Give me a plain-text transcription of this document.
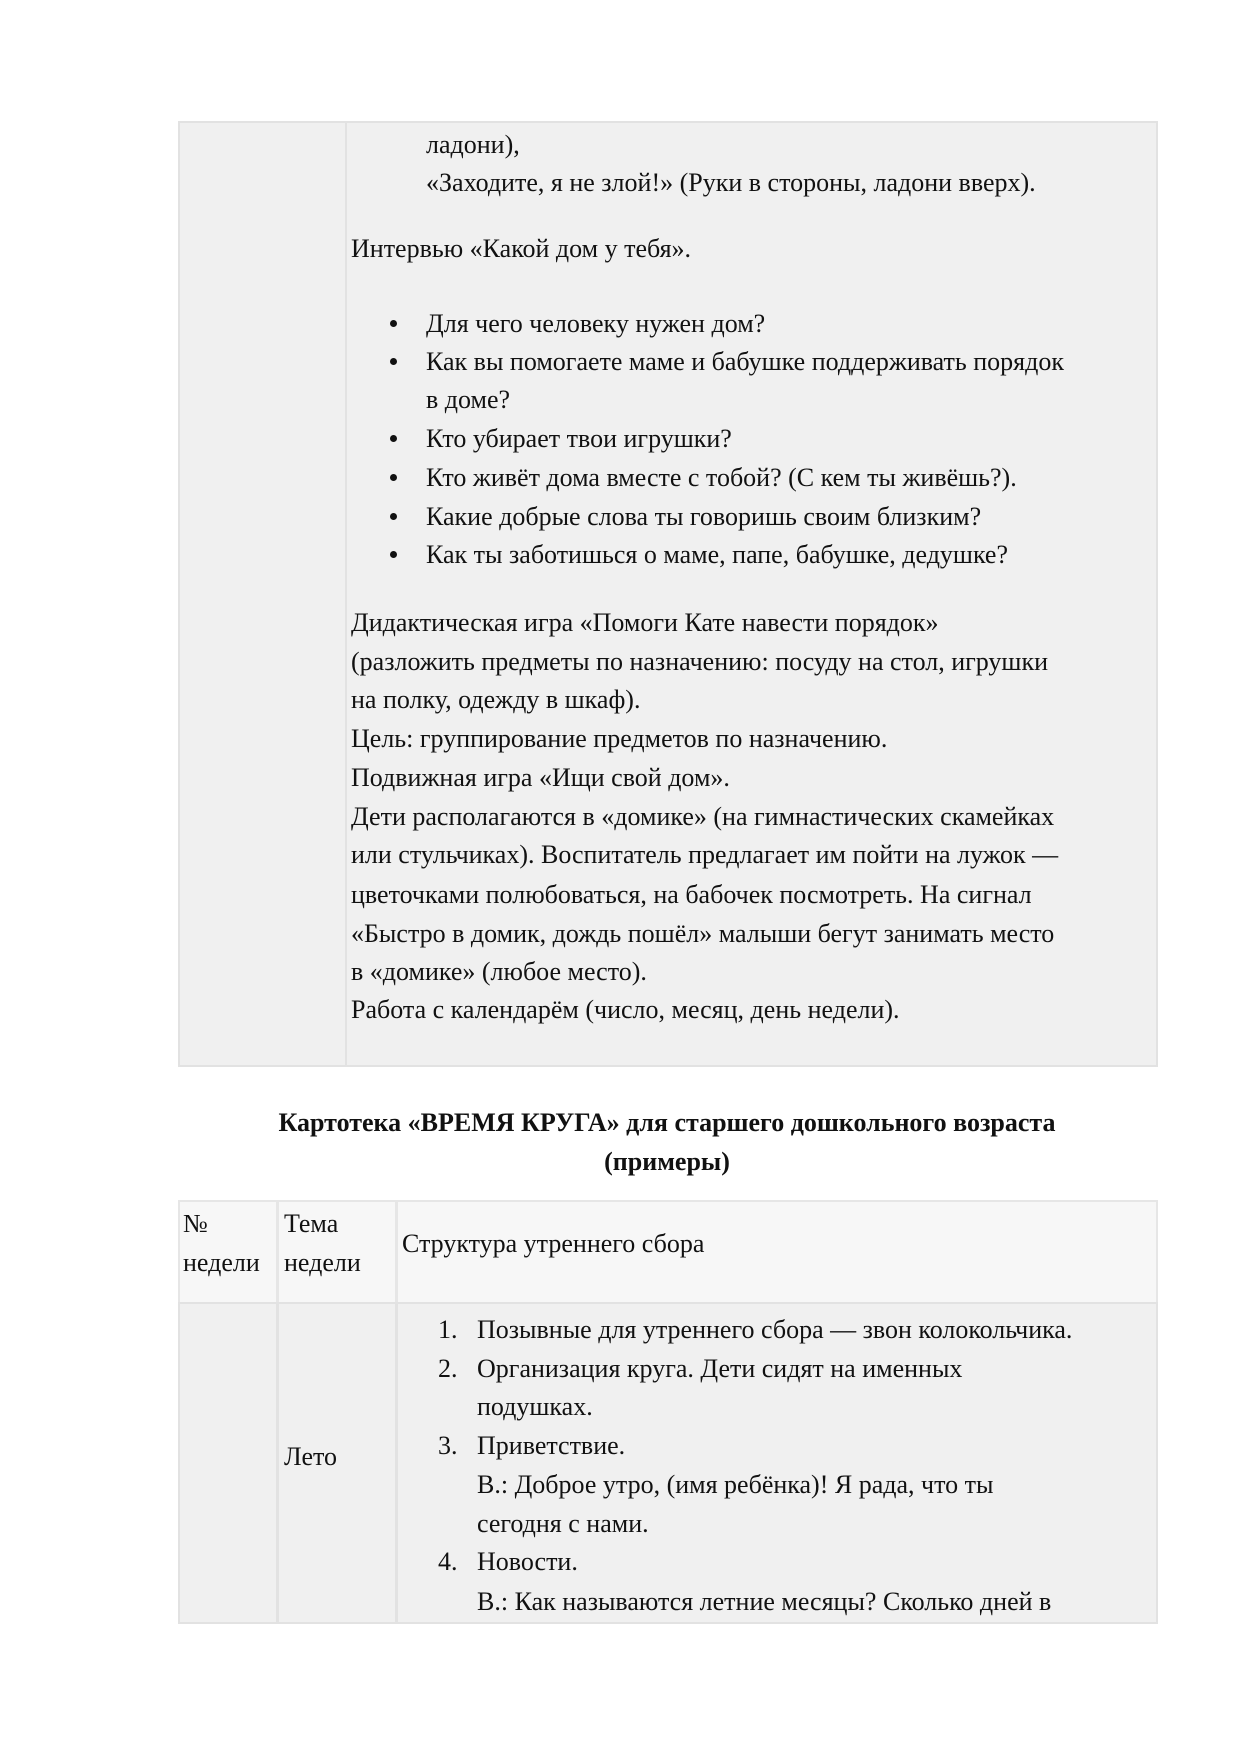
ладони),
«Заходите, я не злой!» (Руки в стороны, ладони вверх).
Интервью «Какой дом у тебя».
Для чего человеку нужен дом?
Как вы помогаете маме и бабушке поддерживать порядок
в доме?
Кто убирает твои игрушки?
Кто живёт дома вместе с тобой? (С кем ты живёшь?).
Какие добрые слова ты говоришь своим близким?
Как ты заботишься о маме, папе, бабушке, дедушке?
Дидактическая игра «Помоги Кате навести порядок»
(разложить предметы по назначению: посуду на стол, игрушки
на полку, одежду в шкаф).
Цель: группирование предметов по назначению.
Подвижная игра «Ищи свой дом».
Дети располагаются в «домике» (на гимнастических скамейках
или стульчиках). Воспитатель предлагает им пойти на лужок —
цветочками полюбоваться, на бабочек посмотреть. На сигнал
«Быстро в домик, дождь пошёл» малыши бегут занимать место
в «домике» (любое место).
Работа с календарём (число, месяц, день недели).
Картотека «ВРЕМЯ КРУГА» для старшего дошкольного возраста
(примеры)
№
недели
Тема
недели
Структура утреннего сбора
Лето
1. Позывные для утреннего сбора — звон колокольчика.
2. Организация круга. Дети сидят на именных
подушках.
3. Приветствие.
В.: Доброе утро, (имя ребёнка)! Я рада, что ты
сегодня с нами.
4. Новости.
В.: Как называются летние месяцы? Сколько дней в
